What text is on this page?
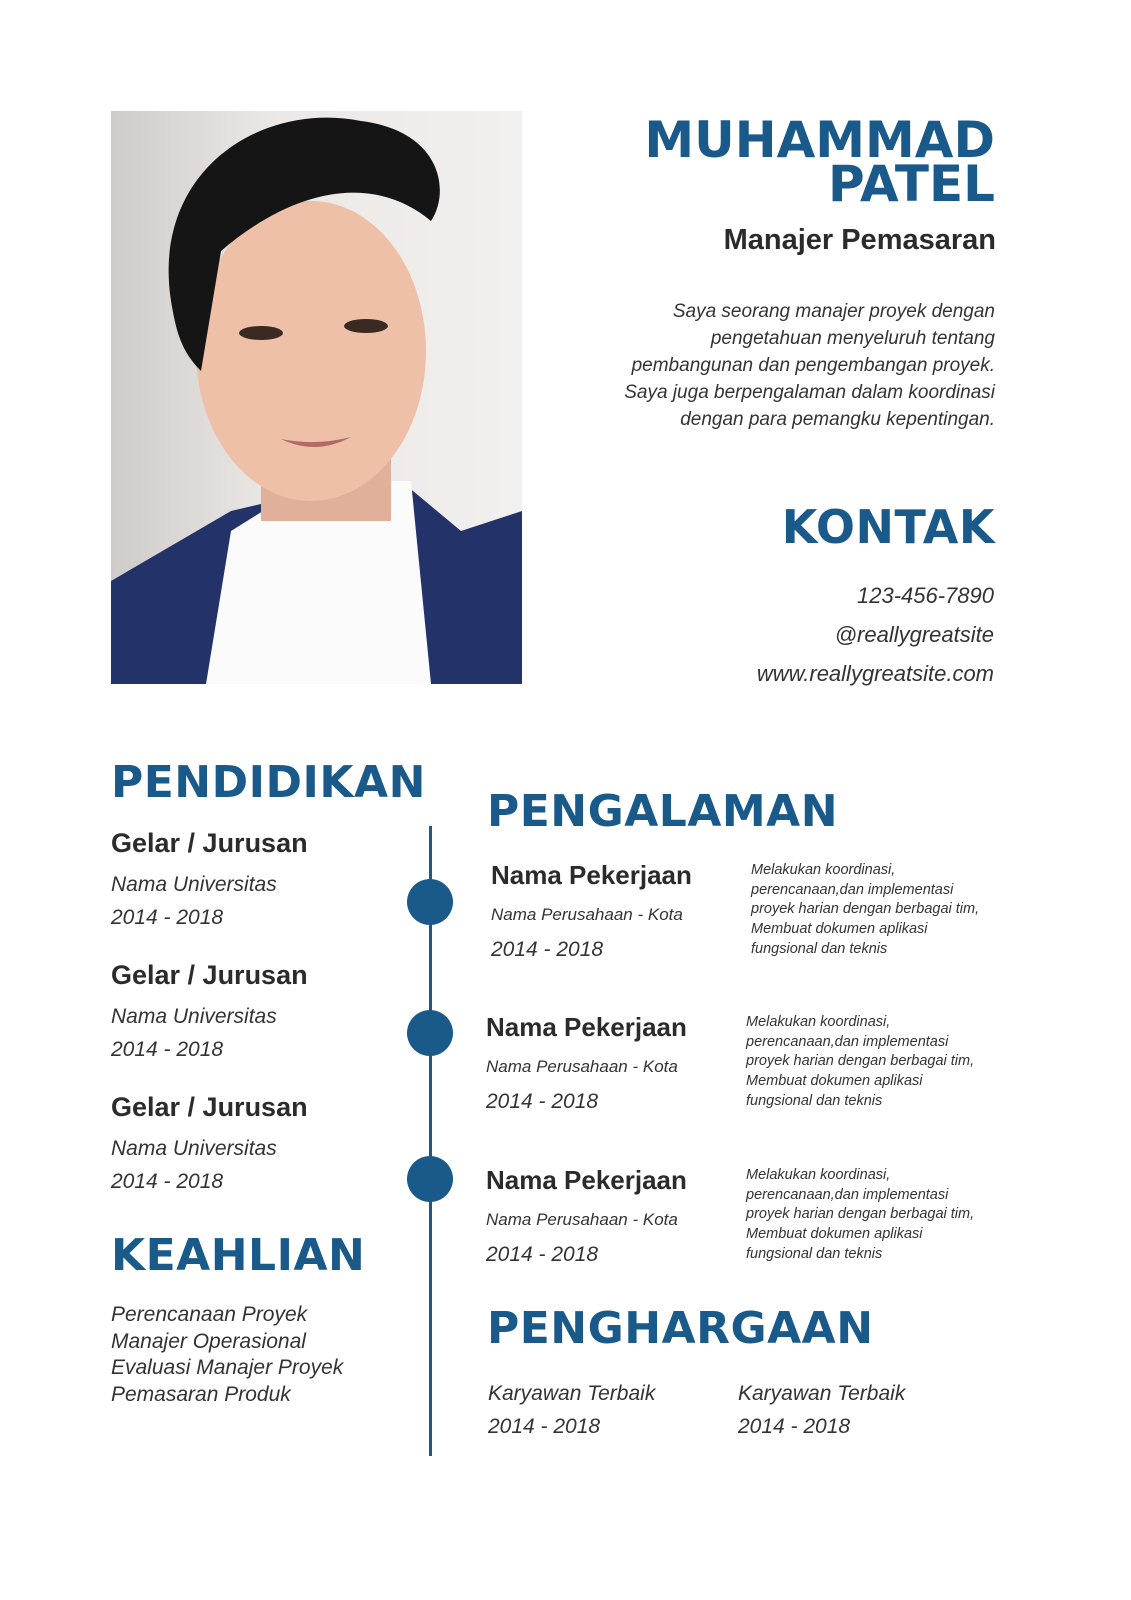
MUHAMMAD
PATEL
Manajer Pemasaran
Saya seorang manajer proyek dengan
pengetahuan menyeluruh tentang
pembangunan dan pengembangan proyek.
Saya juga berpengalaman dalam koordinasi
dengan para pemangku kepentingan.
KONTAK
123-456-7890
@reallygreatsite
www.reallygreatsite.com
PENDIDIKAN
Gelar / Jurusan
Nama Universitas
2014 - 2018
Gelar / Jurusan
Nama Universitas
2014 - 2018
Gelar / Jurusan
Nama Universitas
2014 - 2018
KEAHLIAN
Perencanaan Proyek
Manajer Operasional
Evaluasi Manajer Proyek
Pemasaran Produk
PENGALAMAN
Nama Pekerjaan
Nama Perusahaan - Kota
2014 - 2018
Melakukan koordinasi,
perencanaan,dan implementasi
proyek harian dengan berbagai tim,
Membuat dokumen aplikasi
fungsional dan teknis
Nama Pekerjaan
Nama Perusahaan - Kota
2014 - 2018
Melakukan koordinasi,
perencanaan,dan implementasi
proyek harian dengan berbagai tim,
Membuat dokumen aplikasi
fungsional dan teknis
Nama Pekerjaan
Nama Perusahaan - Kota
2014 - 2018
Melakukan koordinasi,
perencanaan,dan implementasi
proyek harian dengan berbagai tim,
Membuat dokumen aplikasi
fungsional dan teknis
PENGHARGAAN
Karyawan Terbaik
2014 - 2018
Karyawan Terbaik
2014 - 2018
